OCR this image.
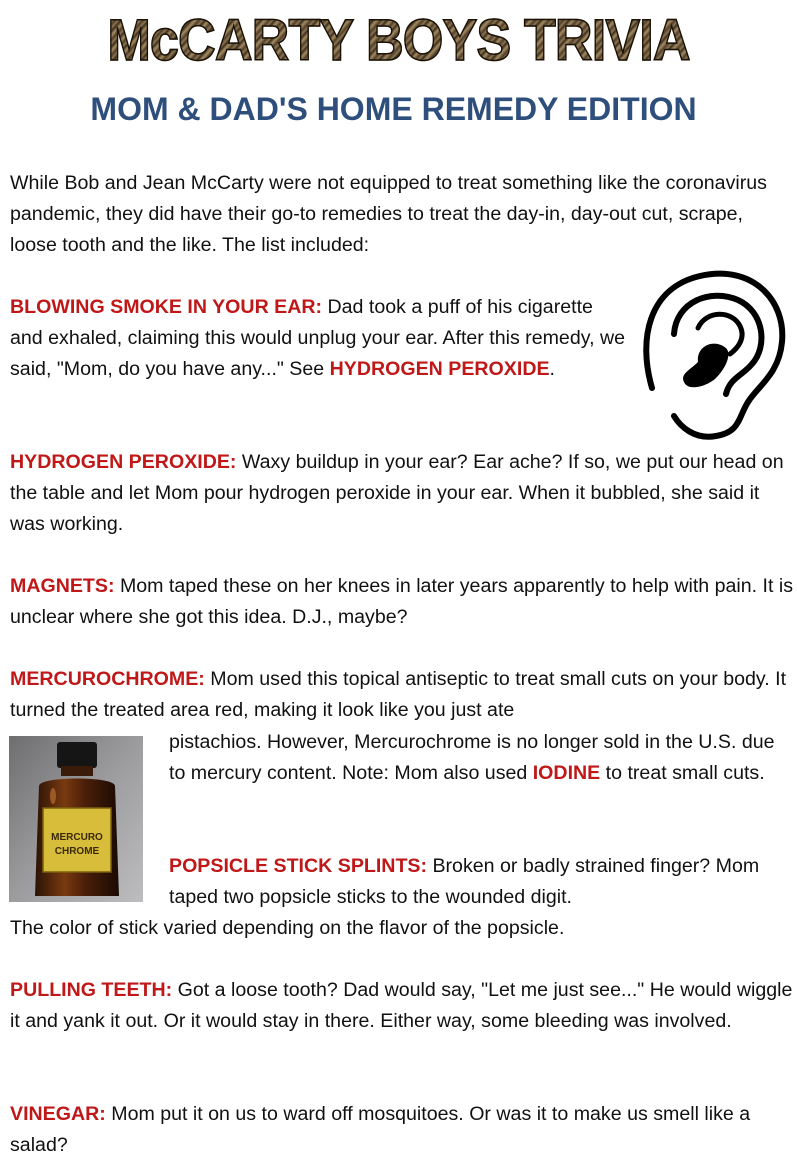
McCARTY BOYS TRIVIA
MOM & DAD'S HOME REMEDY EDITION

While Bob and Jean McCarty were not equipped to treat something like the coronavirus pandemic, they did have their go-to remedies to treat the day-in, day-out cut, scrape, loose tooth and the like. The list included:

BLOWING SMOKE IN YOUR EAR: Dad took a puff of his cigarette and exhaled, claiming this would unplug your ear. After this remedy, we said, "Mom, do you have any..." See HYDROGEN PEROXIDE.

HYDROGEN PEROXIDE: Waxy buildup in your ear? Ear ache? If so, we put our head on the table and let Mom pour hydrogen peroxide in your ear. When it bubbled, she said it was working.

MAGNETS: Mom taped these on her knees in later years apparently to help with pain. It is unclear where she got this idea. D.J., maybe?

MERCUROCHROME: Mom used this topical antiseptic to treat small cuts on your body. It turned the treated area red, making it look like you just ate

MERCURO
CHROME

pistachios. However, Mercurochrome is no longer sold in the U.S. due to mercury content. Note: Mom also used IODINE to treat small cuts.

POPSICLE STICK SPLINTS: Broken or badly strained finger? Mom taped two popsicle sticks to the wounded digit.

The color of stick varied depending on the flavor of the popsicle.

PULLING TEETH: Got a loose tooth? Dad would say, "Let me just see..." He would wiggle it and yank it out. Or it would stay in there. Either way, some bleeding was involved.

VINEGAR: Mom put it on us to ward off mosquitoes. Or was it to make us smell like a salad?
